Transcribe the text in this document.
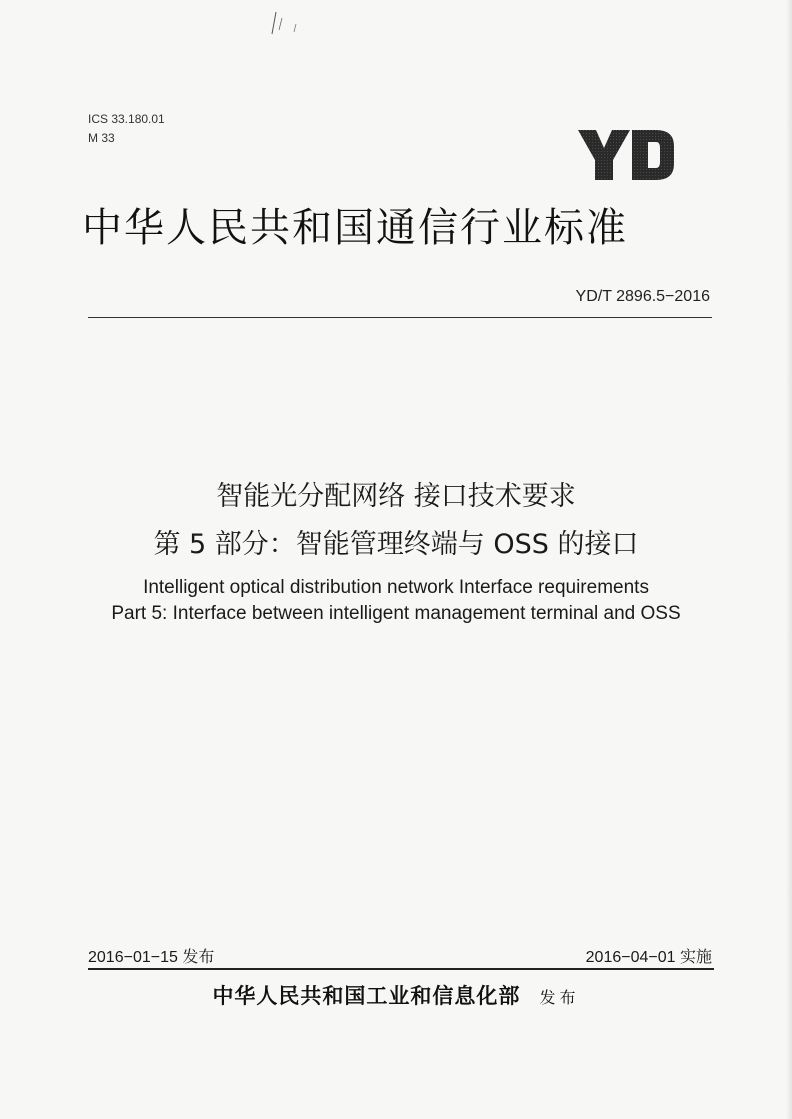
ICS 33.180.01
M 33
中华人民共和国通信行业标准
YD/T 2896.5−2016
智能光分配网络 接口技术要求
第 5 部分：智能管理终端与 OSS 的接口
Intelligent optical distribution network Interface requirements
Part 5: Interface between intelligent management terminal and OSS
2016−01−15 发布	2016−04−01 实施
中华人民共和国工业和信息化部 发布
